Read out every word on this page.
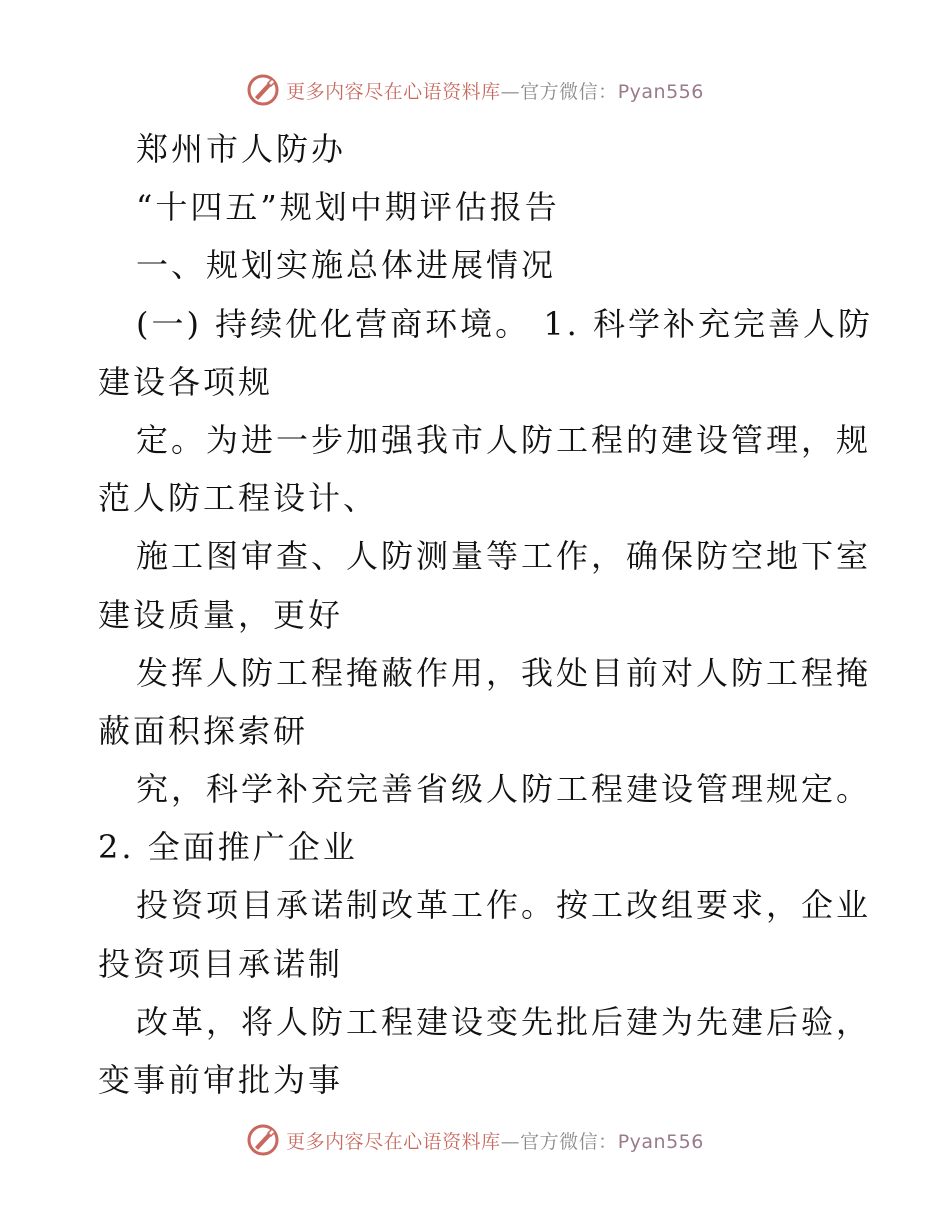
更多内容尽在心语资料库—官方微信：Pyan556
郑州市人防办
“十四五”规划中期评估报告
一、规划实施总体进展情况
(一) 持续优化营商环境。 1. 科学补充完善人防
建设各项规
定。为进一步加强我市人防工程的建设管理，规
范人防工程设计、
施工图审查、人防测量等工作，确保防空地下室
建设质量，更好
发挥人防工程掩蔽作用，我处目前对人防工程掩
蔽面积探索研
究，科学补充完善省级人防工程建设管理规定。
2. 全面推广企业
投资项目承诺制改革工作。按工改组要求，企业
投资项目承诺制
改革，将人防工程建设变先批后建为先建后验，
变事前审批为事
更多内容尽在心语资料库—官方微信：Pyan556
